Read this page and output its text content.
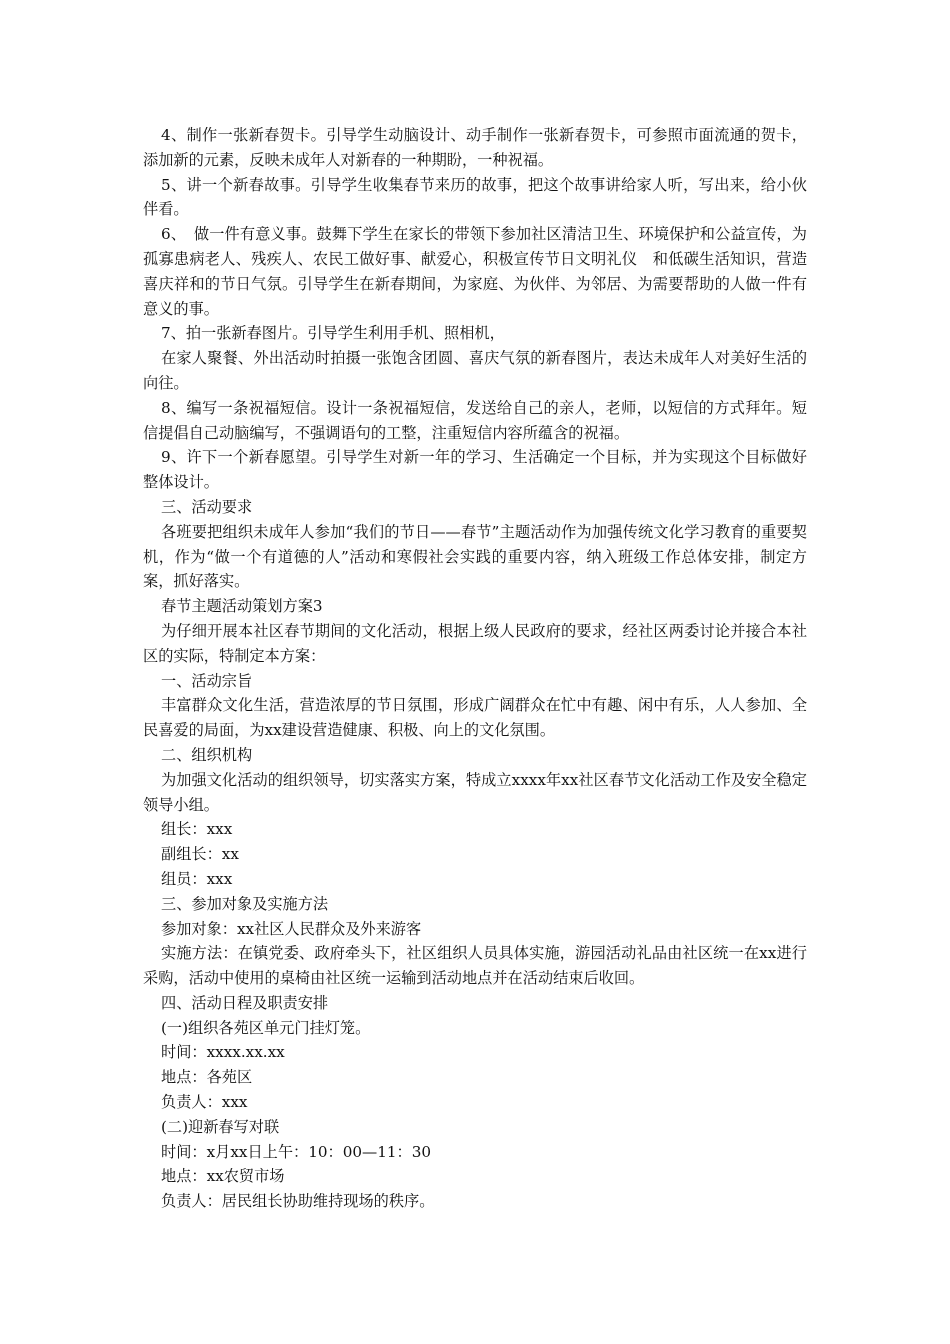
4、制作一张新春贺卡。引导学生动脑设计、动手制作一张新春贺卡，可参照市面流通的贺卡，添加新的元素，反映未成年人对新春的一种期盼，一种祝福。

5、讲一个新春故事。引导学生收集春节来历的故事，把这个故事讲给家人听，写出来，给小伙伴看。

6、　做一件有意义事。鼓舞下学生在家长的带领下参加社区清洁卫生、环境保护和公益宣传，为孤寡患病老人、残疾人、农民工做好事、献爱心，积极宣传节日文明礼仪　和低碳生活知识，营造喜庆祥和的节日气氛。引导学生在新春期间，为家庭、为伙伴、为邻居、为需要帮助的人做一件有意义的事。

7、拍一张新春图片。引导学生利用手机、照相机，

在家人聚餐、外出活动时拍摄一张饱含团圆、喜庆气氛的新春图片，表达未成年人对美好生活的向往。

8、编写一条祝福短信。设计一条祝福短信，发送给自己的亲人，老师，以短信的方式拜年。短信提倡自己动脑编写，不强调语句的工整，注重短信内容所蕴含的祝福。

9、许下一个新春愿望。引导学生对新一年的学习、生活确定一个目标，并为实现这个目标做好整体设计。

三、活动要求

各班要把组织未成年人参加“我们的节日——春节”主题活动作为加强传统文化学习教育的重要契机，作为“做一个有道德的人”活动和寒假社会实践的重要内容，纳入班级工作总体安排，制定方案，抓好落实。

春节主题活动策划方案3

为仔细开展本社区春节期间的文化活动，根据上级人民政府的要求，经社区两委讨论并接合本社区的实际，特制定本方案：

一、活动宗旨

丰富群众文化生活，营造浓厚的节日氛围，形成广阔群众在忙中有趣、闲中有乐，人人参加、全民喜爱的局面，为xx建设营造健康、积极、向上的文化氛围。

二、组织机构

为加强文化活动的组织领导，切实落实方案，特成立xxxx年xx社区春节文化活动工作及安全稳定领导小组。

组长：xxx

副组长：xx

组员：xxx

三、参加对象及实施方法

参加对象：xx社区人民群众及外来游客

实施方法：在镇党委、政府牵头下，社区组织人员具体实施，游园活动礼品由社区统一在xx进行采购，活动中使用的桌椅由社区统一运输到活动地点并在活动结束后收回。

四、活动日程及职责安排

(一)组织各苑区单元门挂灯笼。

时间：xxxx.xx.xx

地点：各苑区

负责人：xxx

(二)迎新春写对联

时间：x月xx日上午：10：00—11：30

地点：xx农贸市场

负责人：居民组长协助维持现场的秩序。
